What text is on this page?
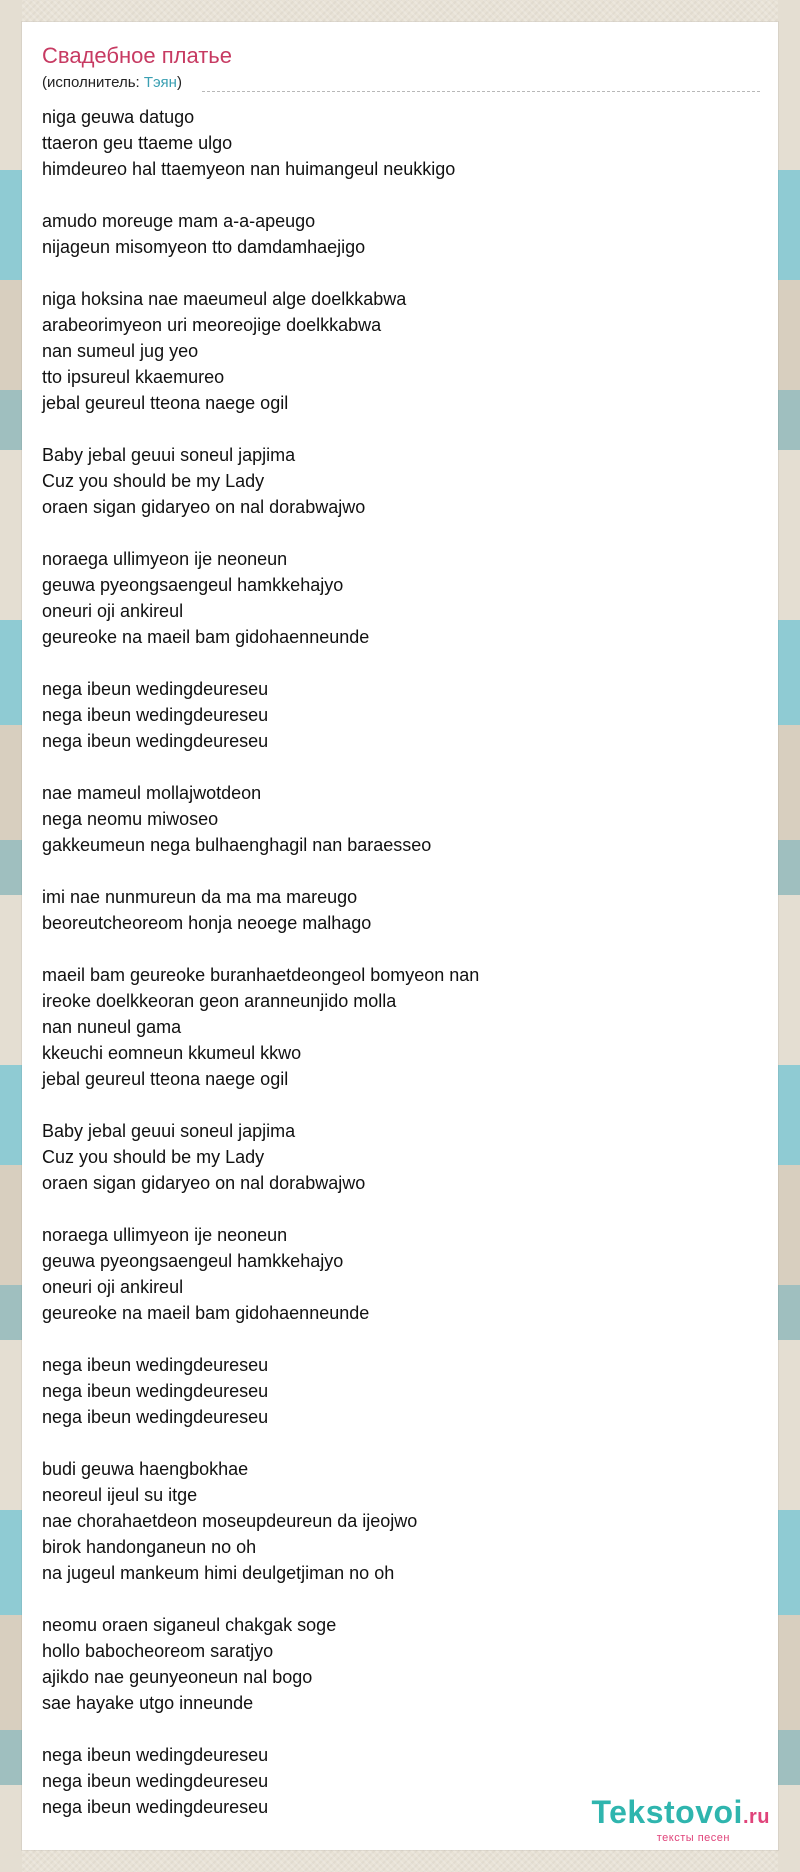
Свадебное платье
(исполнитель: Тэян)
niga geuwa datugo
ttaeron geu ttaeme ulgo
himdeureo hal ttaemyeon nan huimangeul neukkigo
amudo moreuge mam a-a-apeugo
nijageun misomyeon tto damdamhaejigo
niga hoksina nae maeumeul alge doelkkabwa
arabeorimyeon uri meoreojige doelkkabwa
nan sumeul jug yeo
tto ipsureul kkaemureo
jebal geureul tteona naege ogil
Baby jebal geuui soneul japjima
Cuz you should be my Lady
oraen sigan gidaryeo on nal dorabwajwo
noraega ullimyeon ije neoneun
geuwa pyeongsaengeul hamkkehajyo
oneuri oji ankireul
geureoke na maeil bam gidohaenneunde
nega ibeun wedingdeureseu
nega ibeun wedingdeureseu
nega ibeun wedingdeureseu
nae mameul mollajwotdeon
nega neomu miwoseo
gakkeumeun nega bulhaenghagil nan baraesseo
imi nae nunmureun da ma ma mareugo
beoreutcheoreom honja neoege malhago
maeil bam geureoke buranhaetdeongeol bomyeon nan
ireoke doelkkeoran geon aranneunjido molla
nan nuneul gama
kkeuchi eomneun kkumeul kkwo
jebal geureul tteona naege ogil
Baby jebal geuui soneul japjima
Cuz you should be my Lady
oraen sigan gidaryeo on nal dorabwajwo
noraega ullimyeon ije neoneun
geuwa pyeongsaengeul hamkkehajyo
oneuri oji ankireul
geureoke na maeil bam gidohaenneunde
nega ibeun wedingdeureseu
nega ibeun wedingdeureseu
nega ibeun wedingdeureseu
budi geuwa haengbokhae
neoreul ijeul su itge
nae chorahaetdeon moseupdeureun da ijeojwo
birok handonganeun no oh
na jugeul mankeum himi deulgetjiman no oh
neomu oraen siganeul chakgak soge
hollo babocheoreom saratjyo
ajikdo nae geunyeoneun nal bogo
sae hayake utgo inneunde
nega ibeun wedingdeureseu
nega ibeun wedingdeureseu
nega ibeun wedingdeureseu	Tekstovoi.ru
тексты песен
